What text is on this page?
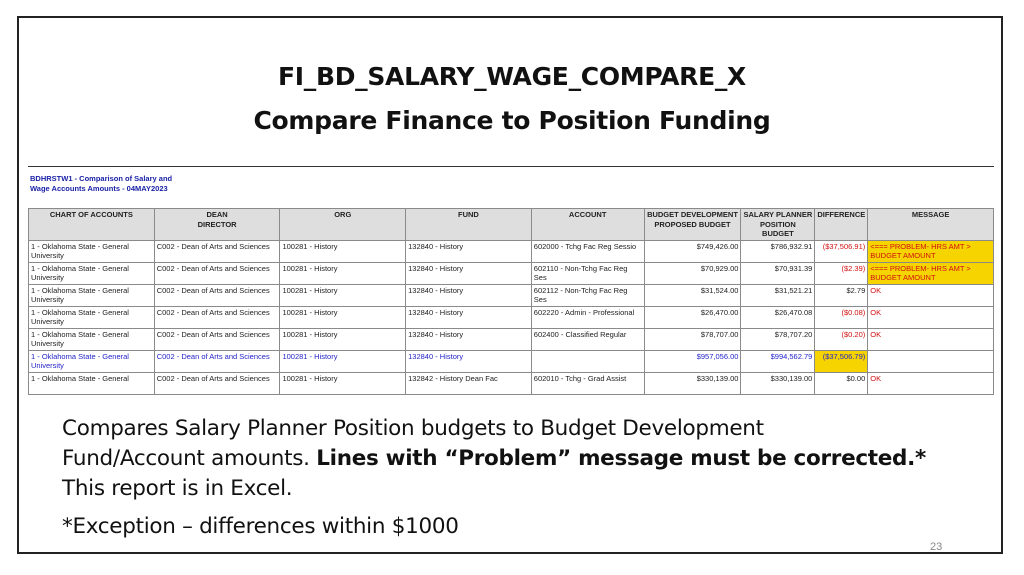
FI_BD_SALARY_WAGE_COMPARE_X
Compare Finance to Position Funding
BDHRSTW1 - Comparison of Salary and
Wage Accounts Amounts - 04MAY2023
CHART OF ACCOUNTS	DEAN
DIRECTOR	ORG	FUND	ACCOUNT	BUDGET DEVELOPMENT
PROPOSED BUDGET	SALARY PLANNER
POSITION BUDGET	DIFFERENCE	MESSAGE
1 - Oklahoma State - General University	C002 - Dean of Arts and Sciences	100281 - History	132840 - History	602000 - Tchg Fac Reg Sessio	$749,426.00	$786,932.91	($37,506.91)	<=== PROBLEM- HRS AMT > BUDGET AMOUNT
1 - Oklahoma State - General University	C002 - Dean of Arts and Sciences	100281 - History	132840 - History	602110 - Non-Tchg Fac Reg Ses	$70,929.00	$70,931.39	($2.39)	<=== PROBLEM- HRS AMT > BUDGET AMOUNT
1 - Oklahoma State - General University	C002 - Dean of Arts and Sciences	100281 - History	132840 - History	602112 - Non-Tchg Fac Reg Ses	$31,524.00	$31,521.21	$2.79	OK
1 - Oklahoma State - General University	C002 - Dean of Arts and Sciences	100281 - History	132840 - History	602220 - Admin - Professional	$26,470.00	$26,470.08	($0.08)	OK
1 - Oklahoma State - General University	C002 - Dean of Arts and Sciences	100281 - History	132840 - History	602400 - Classified Regular	$78,707.00	$78,707.20	($0.20)	OK
1 - Oklahoma State - General University	C002 - Dean of Arts and Sciences	100281 - History	132840 - History		$957,056.00	$994,562.79	($37,506.79)	
1 - Oklahoma State - General	C002 - Dean of Arts and Sciences	100281 - History	132842 - History Dean Fac	602010 - Tchg - Grad Assist	$330,139.00	$330,139.00	$0.00	OK
Compares Salary Planner Position budgets to Budget Development
Fund/Account amounts. Lines with “Problem” message must be corrected.*
This report is in Excel.
*Exception – differences within $1000
23
